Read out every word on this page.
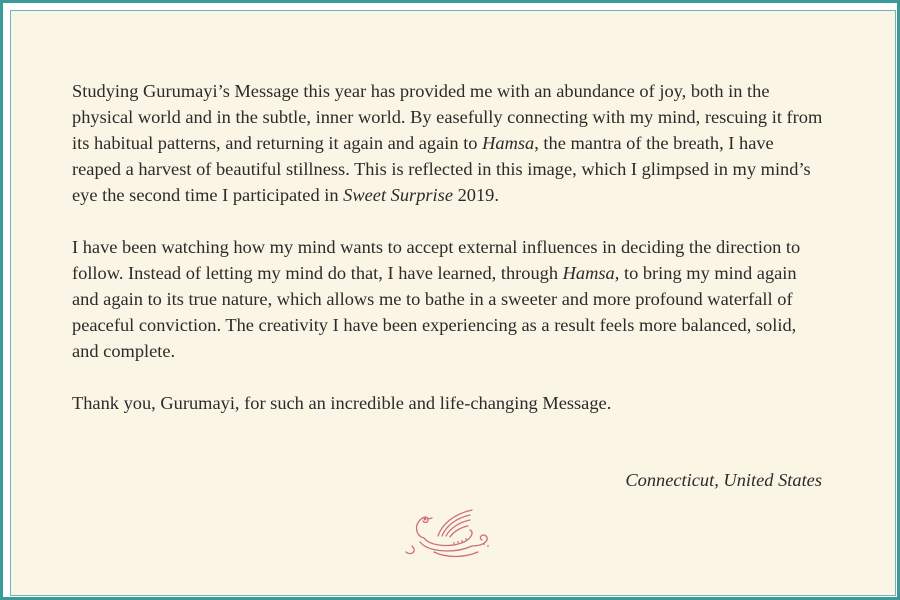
Studying Gurumayi’s Message this year has provided me with an abundance of joy, both in the physical world and in the subtle, inner world. By easefully connecting with my mind, rescuing it from its habitual patterns, and returning it again and again to Hamsa, the mantra of the breath, I have reaped a harvest of beautiful stillness. This is reflected in this image, which I glimpsed in my mind’s eye the second time I participated in Sweet Surprise 2019.

I have been watching how my mind wants to accept external influences in deciding the direction to follow. Instead of letting my mind do that, I have learned, through Hamsa, to bring my mind again and again to its true nature, which allows me to bathe in a sweeter and more profound waterfall of peaceful conviction. The creativity I have been experiencing as a result feels more balanced, solid, and complete.

Thank you, Gurumayi, for such an incredible and life-changing Message.

Connecticut, United States
